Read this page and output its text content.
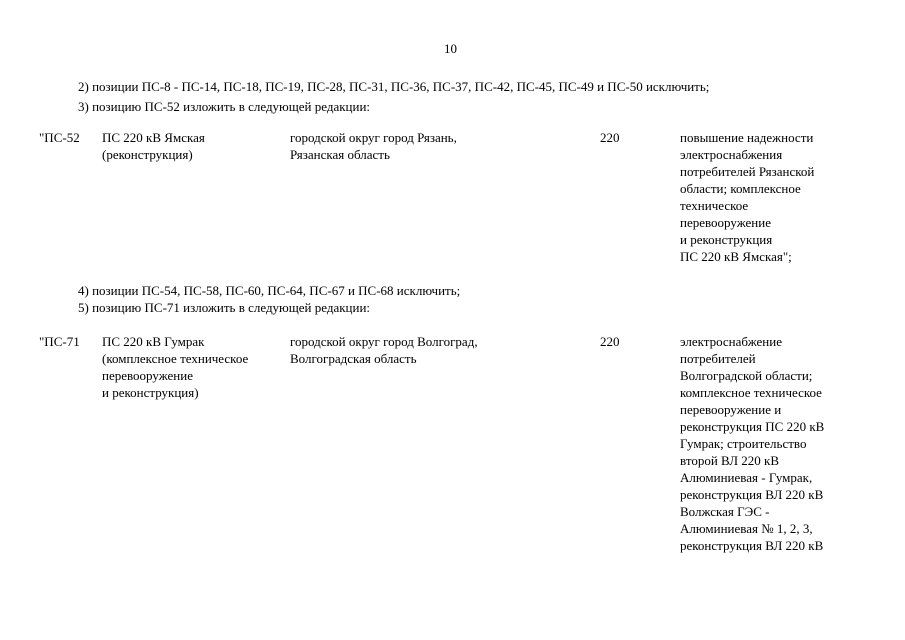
10
2) позиции ПС-8 - ПС-14, ПС-18, ПС-19, ПС-28, ПС-31, ПС-36, ПС-37, ПС-42, ПС-45, ПС-49 и ПС-50 исключить;
3) позицию ПС-52 изложить в следующей редакции:
"ПС-52 ПС 220 кВ Ямская
(реконструкция)
городской округ город Рязань,
Рязанская область
220	повышение надежности
электроснабжения
потребителей Рязанской
области; комплексное
техническое
перевооружение
и реконструкция
ПС 220 кВ Ямская";
4) позиции ПС-54, ПС-58, ПС-60, ПС-64, ПС-67 и ПС-68 исключить;
5) позицию ПС-71 изложить в следующей редакции:
"ПС-71 ПС 220 кВ Гумрак
(комплексное техническое
перевооружение
и реконструкция)
городской округ город Волгоград,
Волгоградская область
220	электроснабжение
потребителей
Волгоградской области;
комплексное техническое
перевооружение и
реконструкция ПС 220 кВ
Гумрак; строительство
второй ВЛ 220 кВ
Алюминиевая - Гумрак,
реконструкция ВЛ 220 кВ
Волжская ГЭС -
Алюминиевая № 1, 2, 3,
реконструкция ВЛ 220 кВ
